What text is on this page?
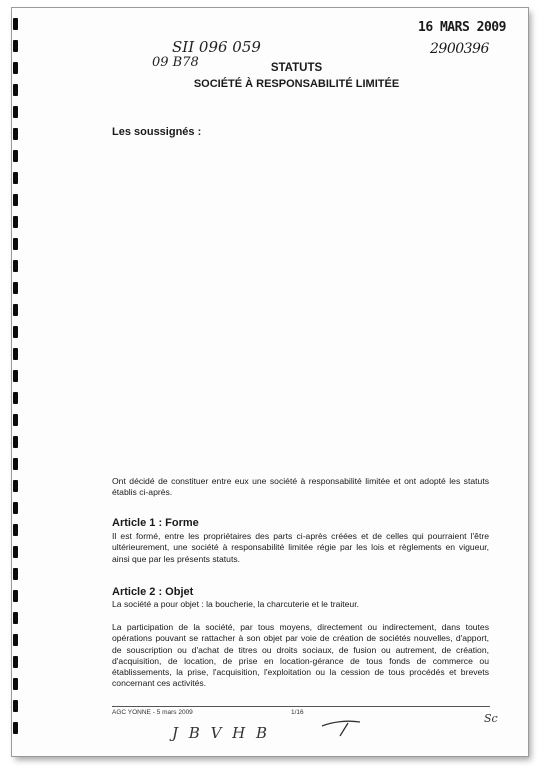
16 MARS 2009
2900396
SII 096 059
09 B78	STATUTS
SOCIÉTÉ À RESPONSABILITÉ LIMITÉE
Les soussignés :
Ont décidé de constituer entre eux une société à responsabilité limitée et ont adopté les statuts établis ci-après.
Article 1 : Forme
Il est formé, entre les propriétaires des parts ci-après créées et de celles qui pourraient l'être ultérieurement, une société à responsabilité limitée régie par les lois et règlements en vigueur, ainsi que par les présents statuts.
Article 2 : Objet
La société a pour objet : la boucherie, la charcuterie et le traiteur.
La participation de la société, par tous moyens, directement ou indirectement, dans toutes opérations pouvant se rattacher à son objet par voie de création de sociétés nouvelles, d'apport, de souscription ou d'achat de titres ou droits sociaux, de fusion ou autrement, de création, d'acquisition, de location, de prise en location-gérance de tous fonds de commerce ou établissements, la prise, l'acquisition, l'exploitation ou la cession de tous procédés et brevets concernant ces activités.
AGC YONNE - 5 mars 2009	1/16
J B V H B
Sc
